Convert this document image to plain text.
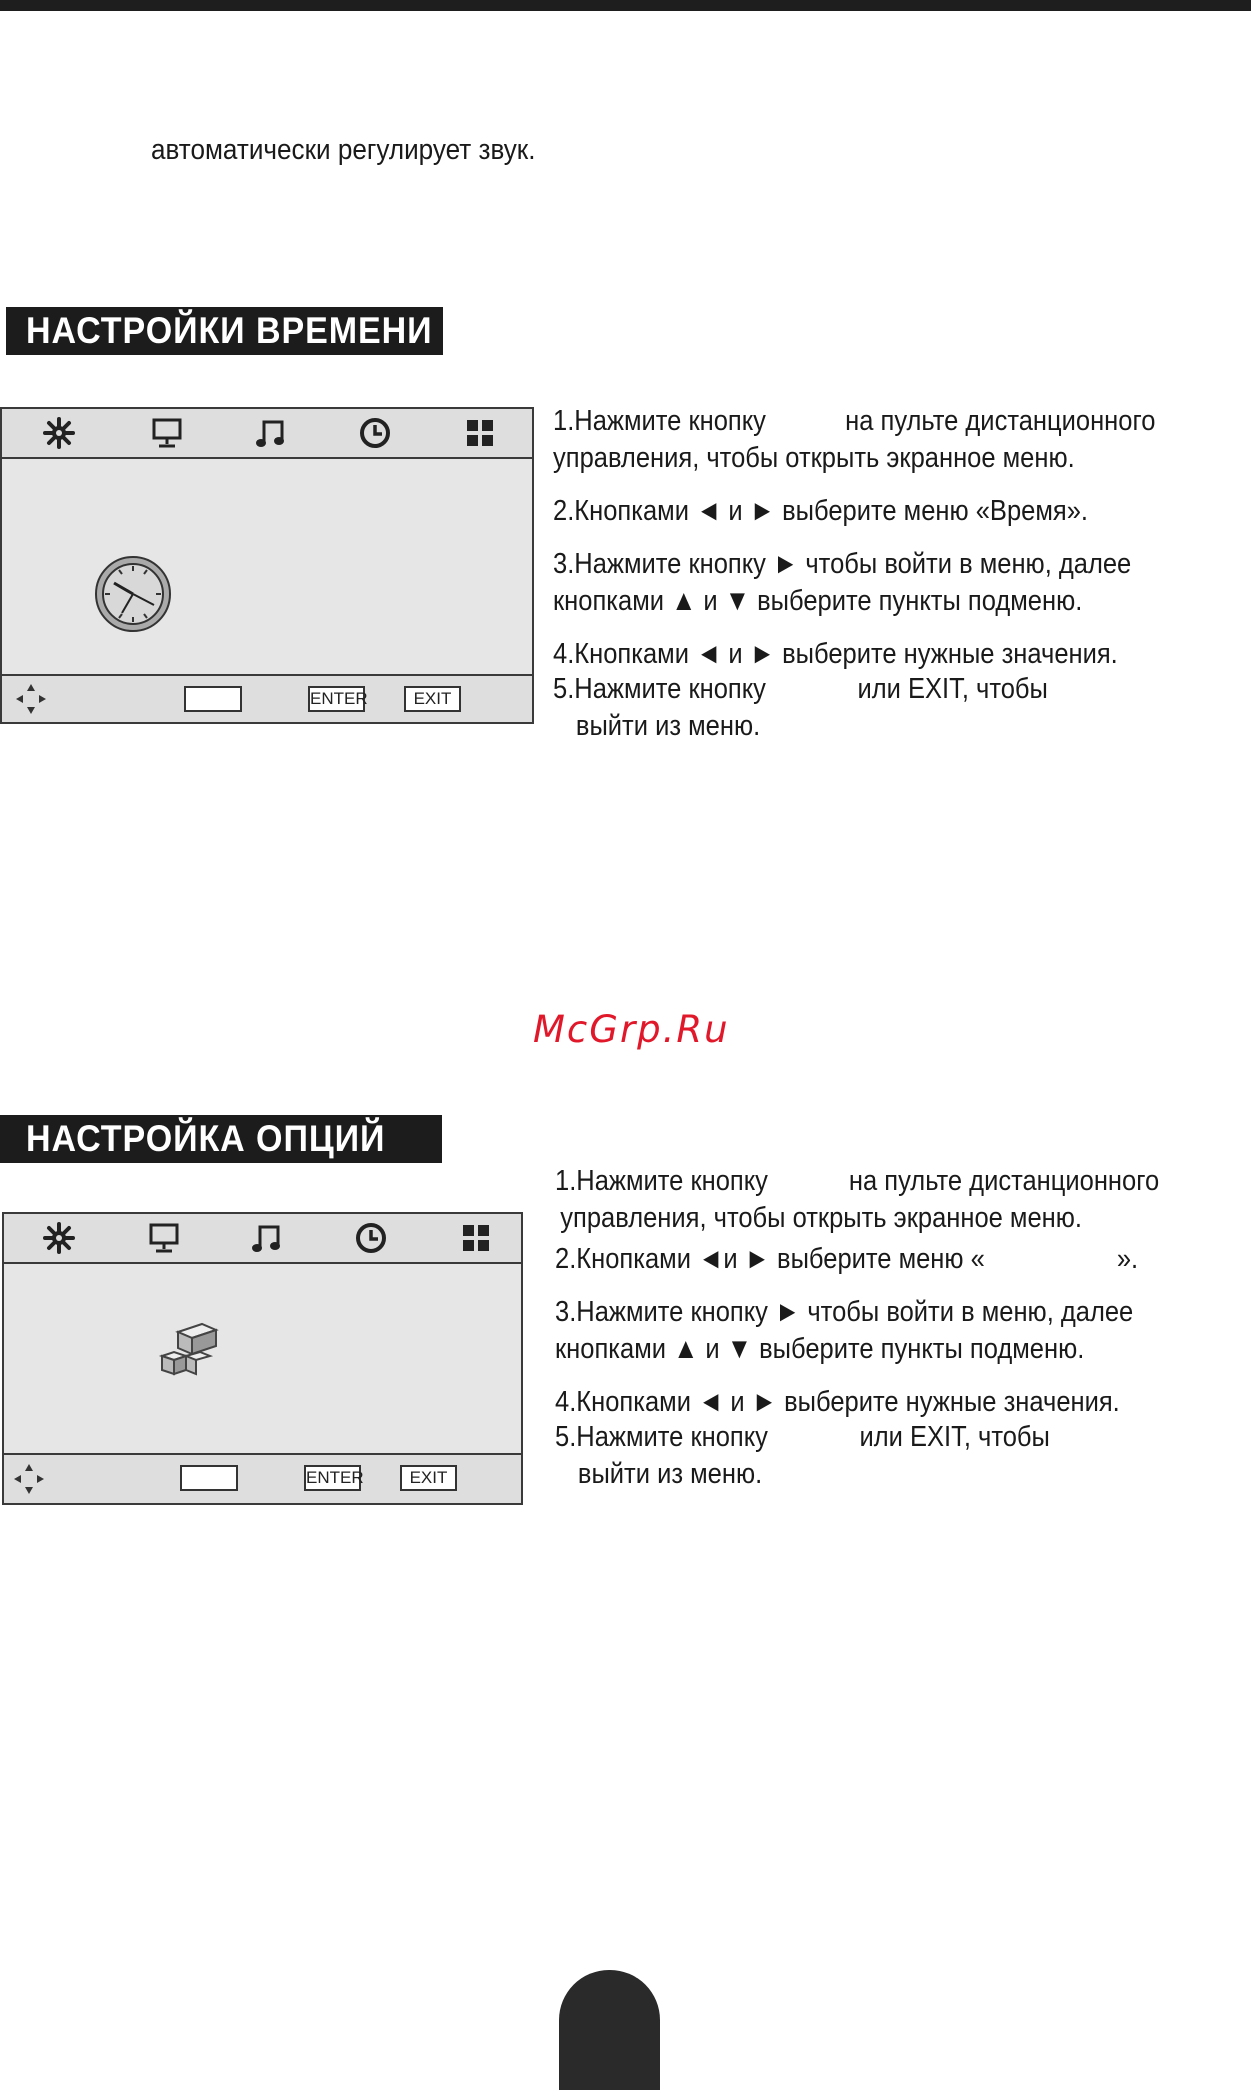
автоматически регулирует звук.
НАСТРОЙКИ ВРЕМЕНИ
ENTER	EXIT

1.Нажмите кнопку	на пульте дистанционного

управления, чтобы открыть экранное меню.

2.Кнопками ◄ и ► выберите меню «Время».

3.Нажмите кнопку ► чтобы войти в меню, далее

кнопками ▲ и ▼ выберите пункты подменю.

4.Кнопками ◄ и ► выберите нужные значения.

5.Нажмите кнопку	или EXIT, чтобы

выйти из меню.

McGrp.Ru
НАСТРОЙКА ОПЦИЙ
ENTER	EXIT

1.Нажмите кнопку	на пульте дистанционного

управления, чтобы открыть экранное меню.

2.Кнопками ◄и ► выберите меню «	».

3.Нажмите кнопку ► чтобы войти в меню, далее

кнопками ▲ и ▼ выберите пункты подменю.

4.Кнопками ◄ и ► выберите нужные значения.

5.Нажмите кнопку	или EXIT, чтобы

выйти из меню.
